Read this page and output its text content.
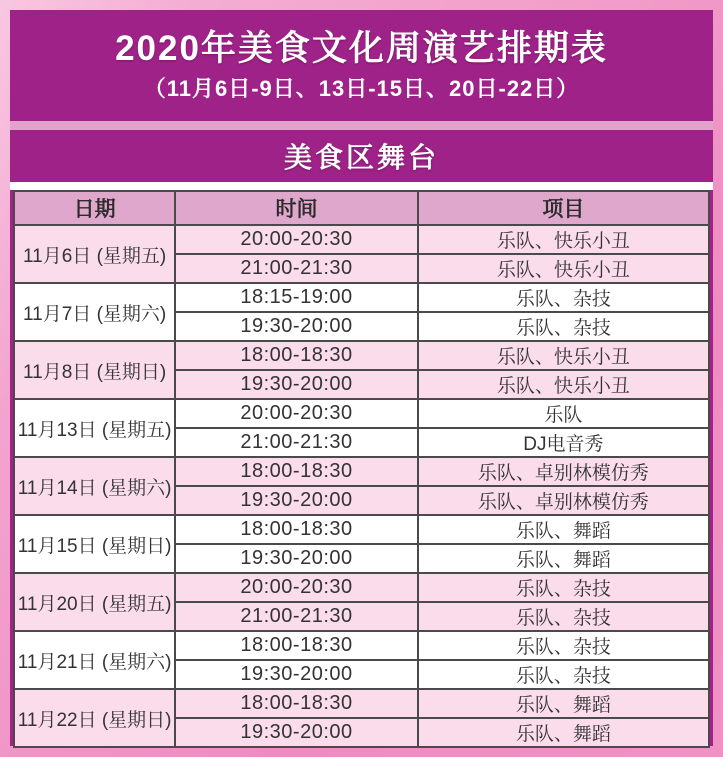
2020年美食文化周演艺排期表
（11月6日-9日、13日-15日、20日-22日）
美食区舞台
日期	时间	项目
11月6日 (星期五)	20:00-20:30	乐队、快乐小丑
	21:00-21:30	乐队、快乐小丑
11月7日 (星期六)	18:15-19:00	乐队、杂技
	19:30-20:00	乐队、杂技
11月8日 (星期日)	18:00-18:30	乐队、快乐小丑
	19:30-20:00	乐队、快乐小丑
11月13日 (星期五)	20:00-20:30	乐队
	21:00-21:30	DJ电音秀
11月14日 (星期六)	18:00-18:30	乐队、卓别林模仿秀
	19:30-20:00	乐队、卓别林模仿秀
11月15日 (星期日)	18:00-18:30	乐队、舞蹈
	19:30-20:00	乐队、舞蹈
11月20日 (星期五)	20:00-20:30	乐队、杂技
	21:00-21:30	乐队、杂技
11月21日 (星期六)	18:00-18:30	乐队、杂技
	19:30-20:00	乐队、杂技
11月22日 (星期日)	18:00-18:30	乐队、舞蹈
	19:30-20:00	乐队、舞蹈
